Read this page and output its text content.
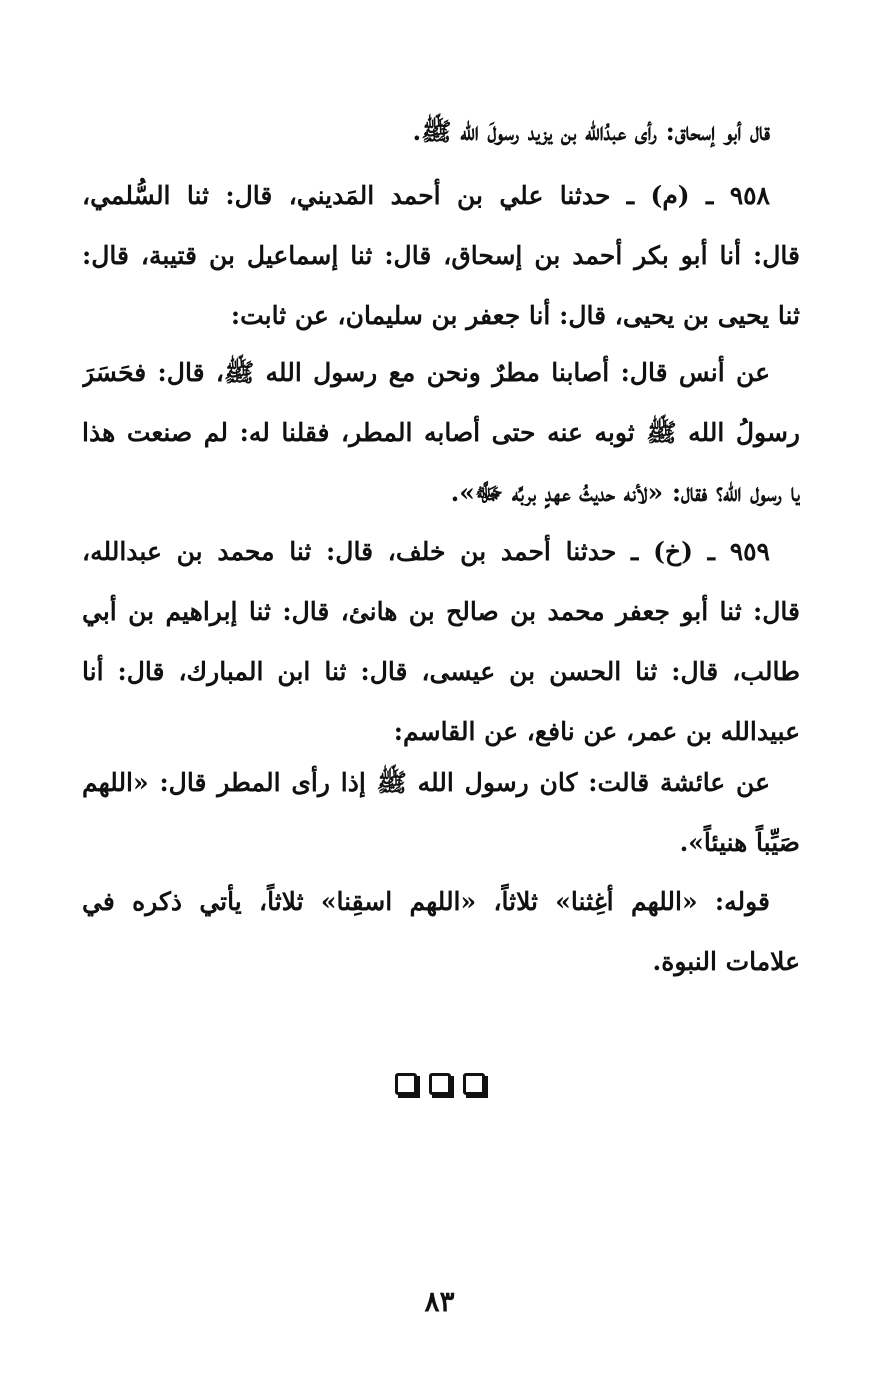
قال أبو إسحاق: رأى عبدُالله بن يزيد رسولَ الله ﷺ.
٩٥٨ ـ (م) ـ حدثنا علي بن أحمد المَديني، قال: ثنا السُّلمي،
قال: أنا أبو بكر أحمد بن إسحاق، قال: ثنا إسماعيل بن قتيبة، قال:
ثنا يحيى بن يحيى، قال: أنا جعفر بن سليمان، عن ثابت:
عن أنس قال: أصابنا مطرٌ ونحن مع رسول الله ﷺ، قال: فحَسَرَ
رسولُ الله ﷺ ثوبه عنه حتى أصابه المطر، فقلنا له: لم صنعت هذا
يا رسول الله؟ فقال: «لأنه حديثُ عهدٍ بربِّه ﷻ».
٩٥٩ ـ (خ) ـ حدثنا أحمد بن خلف، قال: ثنا محمد بن عبدالله،
قال: ثنا أبو جعفر محمد بن صالح بن هانئ، قال: ثنا إبراهيم بن أبي
طالب، قال: ثنا الحسن بن عيسى، قال: ثنا ابن المبارك، قال: أنا
عبيدالله بن عمر، عن نافع، عن القاسم:
عن عائشة قالت: كان رسول الله ﷺ إذا رأى المطر قال: «اللهم
صَيِّباً هنيئاً».
قوله: «اللهم أغِثنا» ثلاثاً، «اللهم اسقِنا» ثلاثاً، يأتي ذكره في
علامات النبوة.
٨٣
